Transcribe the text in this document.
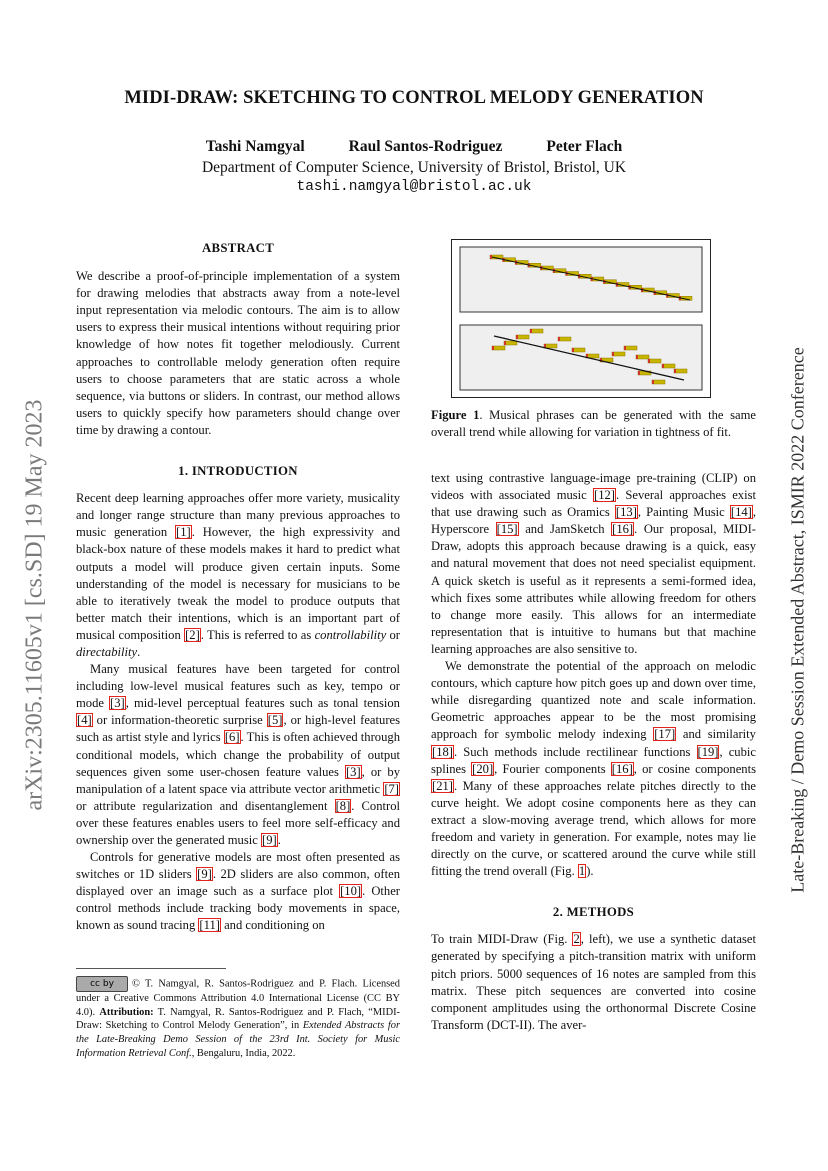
arXiv:2305.11605v1 [cs.SD] 19 May 2023	Late-Breaking / Demo Session Extended Abstract, ISMIR 2022 Conference
MIDI-DRAW: SKETCHING TO CONTROL MELODY GENERATION
Tashi Namgyal	Raul Santos-Rodriguez	Peter Flach
Department of Computer Science, University of Bristol, Bristol, UK
tashi.namgyal@bristol.ac.uk
ABSTRACT

We describe a proof-of-principle implementation of a system for drawing melodies that abstracts away from a note-level input representation via melodic contours. The aim is to allow users to express their musical intentions without requiring prior knowledge of how notes fit together melodiously. Current approaches to controllable melody generation often require users to choose parameters that are static across a whole sequence, via buttons or sliders. In contrast, our method allows users to quickly specify how parameters should change over time by drawing a contour.

1. INTRODUCTION

Recent deep learning approaches offer more variety, musicality and longer range structure than many previous approaches to music generation [1]. However, the high expressivity and black-box nature of these models makes it hard to predict what outputs a model will produce given certain inputs. Some understanding of the model is necessary for musicians to be able to iteratively tweak the model to produce outputs that better match their intentions, which is an important part of musical composition [2]. This is referred to as controllability or directability.

Many musical features have been targeted for control including low-level musical features such as key, tempo or mode [3], mid-level perceptual features such as tonal tension [4] or information-theoretic surprise [5], or high-level features such as artist style and lyrics [6]. This is often achieved through conditional models, which change the probability of output sequences given some user-chosen feature values [3], or by manipulation of a latent space via attribute vector arithmetic [7] or attribute regularization and disentanglement [8]. Control over these features enables users to feel more self-efficacy and ownership over the generated music [9].

Controls for generative models are most often presented as switches or 1D sliders [9]. 2D sliders are also common, often displayed over an image such as a surface plot [10]. Other control methods include tracking body movements in space, known as sound tracing [11] and conditioning on

cc by © T. Namgyal, R. Santos-Rodriguez and P. Flach. Licensed under a Creative Commons Attribution 4.0 International License (CC BY 4.0). Attribution: T. Namgyal, R. Santos-Rodriguez and P. Flach, “MIDI-Draw: Sketching to Control Melody Generation”, in Extended Abstracts for the Late-Breaking Demo Session of the 23rd Int. Society for Music Information Retrieval Conf., Bengaluru, India, 2022.
Figure 1. Musical phrases can be generated with the same overall trend while allowing for variation in tightness of fit.

text using contrastive language-image pre-training (CLIP) on videos with associated music [12]. Several approaches exist that use drawing such as Oramics [13], Painting Music [14], Hyperscore [15] and JamSketch [16]. Our proposal, MIDI-Draw, adopts this approach because drawing is a quick, easy and natural movement that does not need specialist equipment. A quick sketch is useful as it represents a semi-formed idea, which fixes some attributes while allowing freedom for others to change more easily. This allows for an intermediate representation that is intuitive to humans but that machine learning approaches are also sensitive to.

We demonstrate the potential of the approach on melodic contours, which capture how pitch goes up and down over time, while disregarding quantized note and scale information. Geometric approaches appear to be the most promising approach for symbolic melody indexing [17] and similarity [18]. Such methods include rectilinear functions [19], cubic splines [20], Fourier components [16], or cosine components [21]. Many of these approaches relate pitches directly to the curve height. We adopt cosine components here as they can extract a slow-moving average trend, which allows for more freedom and variety in generation. For example, notes may lie directly on the curve, or scattered around the curve while still fitting the trend overall (Fig. 1).

2. METHODS

To train MIDI-Draw (Fig. 2, left), we use a synthetic dataset generated by specifying a pitch-transition matrix with uniform pitch priors. 5000 sequences of 16 notes are sampled from this matrix. These pitch sequences are converted into cosine component amplitudes using the orthonormal Discrete Cosine Transform (DCT-II). The aver-
